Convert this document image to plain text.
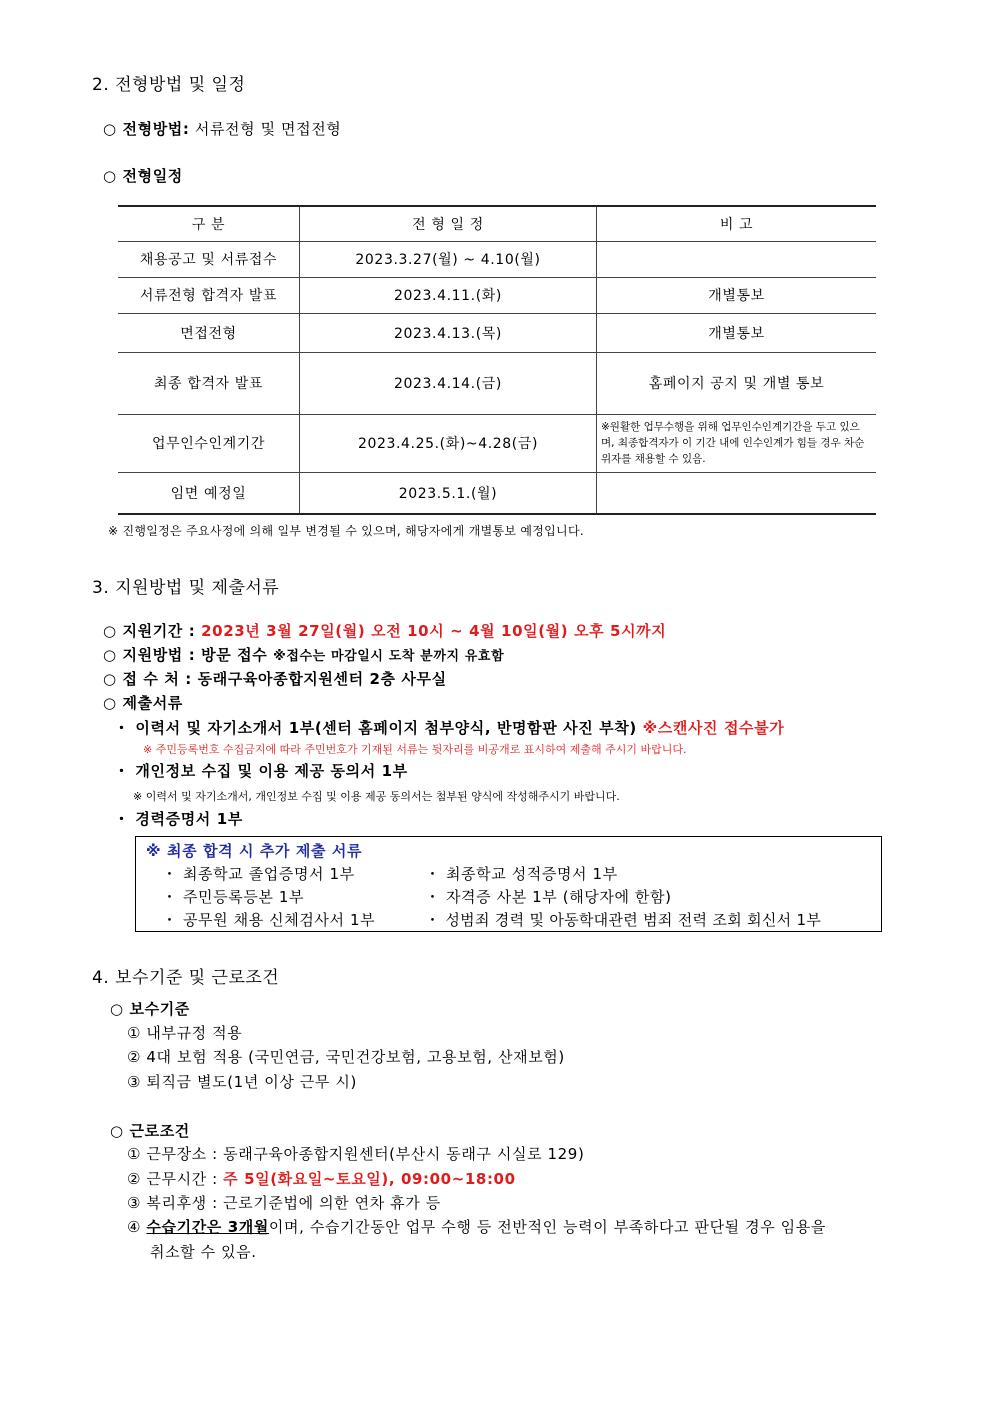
2. 전형방법 및 일정
○ 전형방법: 서류전형 및 면접전형
○ 전형일정
구 분	전 형 일 정	비 고
채용공고 및 서류접수	2023.3.27(월) ~ 4.10(월)	
서류전형 합격자 발표	2023.4.11.(화)	개별통보
면접전형	2023.4.13.(목)	개별통보
최종 합격자 발표	2023.4.14.(금)	홈페이지 공지 및 개별 통보
업무인수인계기간	2023.4.25.(화)~4.28(금)	※원활한 업무수행을 위해 업무인수인계기간을 두고 있으며, 최종합격자가 이 기간 내에 인수인계가 힘들 경우 차순위자를 채용할 수 있음.
임면 예정일	2023.5.1.(월)	
※ 진행일정은 주요사정에 의해 일부 변경될 수 있으며, 해당자에게 개별통보 예정입니다.
3. 지원방법 및 제출서류
○ 지원기간 : 2023년 3월 27일(월) 오전 10시 ~ 4월 10일(월) 오후 5시까지
○ 지원방법 : 방문 접수 ※접수는 마감일시 도착 분까지 유효함
○ 접 수 처 : 동래구육아종합지원센터 2층 사무실
○ 제출서류
・ 이력서 및 자기소개서 1부(센터 홈페이지 첨부양식, 반명함판 사진 부착) ※스캔사진 접수불가
※ 주민등록번호 수집금지에 따라 주민번호가 기재된 서류는 뒷자리를 비공개로 표시하여 제출해 주시기 바랍니다.
・ 개인정보 수집 및 이용 제공 동의서 1부
※ 이력서 및 자기소개서, 개인정보 수집 및 이용 제공 동의서는 첨부된 양식에 작성해주시기 바랍니다.
・ 경력증명서 1부
※ 최종 합격 시 추가 제출 서류
・ 최종학교 졸업증명서 1부
・ 주민등록등본 1부
・ 공무원 채용 신체검사서 1부
・ 최종학교 성적증명서 1부
・ 자격증 사본 1부 (해당자에 한함)
・ 성범죄 경력 및 아동학대관련 범죄 전력 조회 회신서 1부
4. 보수기준 및 근로조건
○ 보수기준
① 내부규정 적용
② 4대 보험 적용 (국민연금, 국민건강보험, 고용보험, 산재보험)
③ 퇴직금 별도(1년 이상 근무 시)
○ 근로조건
① 근무장소 : 동래구육아종합지원센터(부산시 동래구 시실로 129)
② 근무시간 : 주 5일(화요일~토요일), 09:00~18:00
③ 복리후생 : 근로기준법에 의한 연차 휴가 등
④ 수습기간은 3개월이며, 수습기간동안 업무 수행 등 전반적인 능력이 부족하다고 판단될 경우 임용을
취소할 수 있음.
